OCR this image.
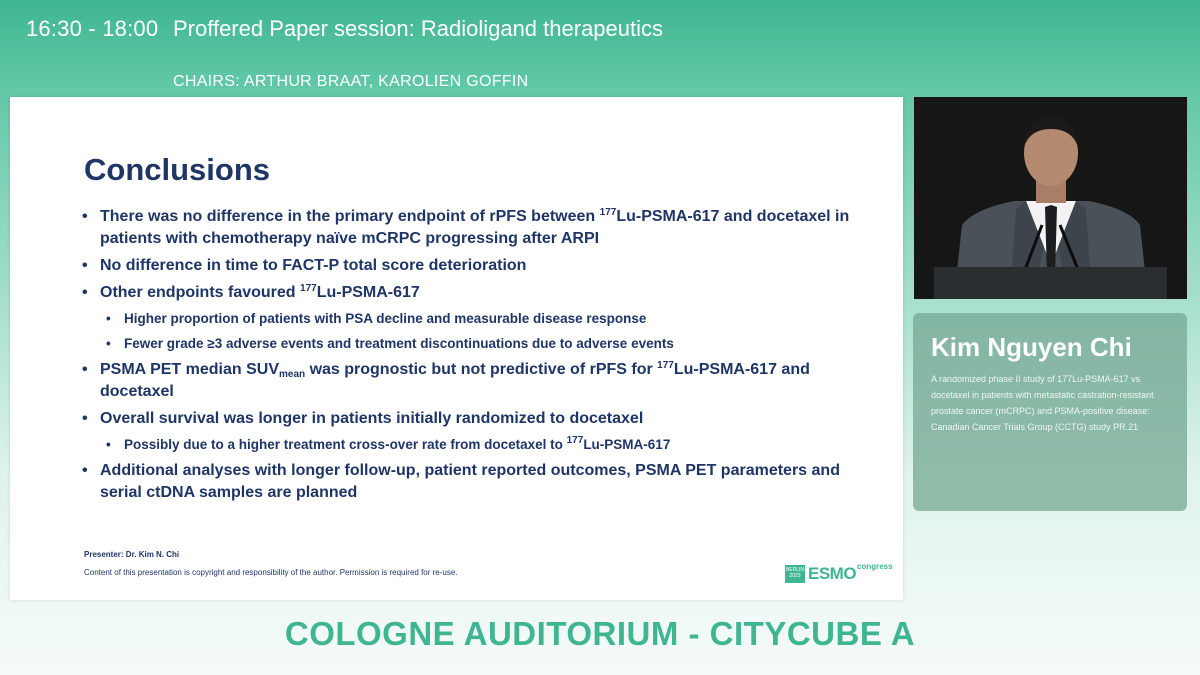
16:30 - 18:00 Proffered Paper session: Radioligand therapeutics
CHAIRS: ARTHUR BRAAT, KAROLIEN GOFFIN
Conclusions
• There was no difference in the primary endpoint of rPFS between $^{177}$Lu-PSMA-617 and docetaxel in patients with chemotherapy naïve mCRPC progressing after ARPI
• No difference in time to FACT-P total score deterioration
• Other endpoints favoured $^{177}$Lu-PSMA-617
• Higher proportion of patients with PSA decline and measurable disease response
• Fewer grade ≥3 adverse events and treatment discontinuations due to adverse events
• PSMA PET median $SUV_{mean}$ was prognostic but not predictive of rPFS for $^{177}$Lu-PSMA-617 and docetaxel
• Overall survival was longer in patients initially randomized to docetaxel
• Possibly due to a higher treatment cross-over rate from docetaxel to $^{177}$Lu-PSMA-617
• Additional analyses with longer follow-up, patient reported outcomes, PSMA PET parameters and serial ctDNA samples are planned
Presenter: Dr. Kim N. Chi
Content of this presentation is copyright and responsibility of the author. Permission is required for re-use.	BERLIN 2023 ESMO congress
Kim Nguyen Chi
A randomized phase II study of 177Lu-PSMA-617 vs docetaxel in patients with metastatic castration-resistant prostate cancer (mCRPC) and PSMA-positive disease: Canadian Cancer Trials Group (CCTG) study PR.21
COLOGNE AUDITORIUM - CITYCUBE A
